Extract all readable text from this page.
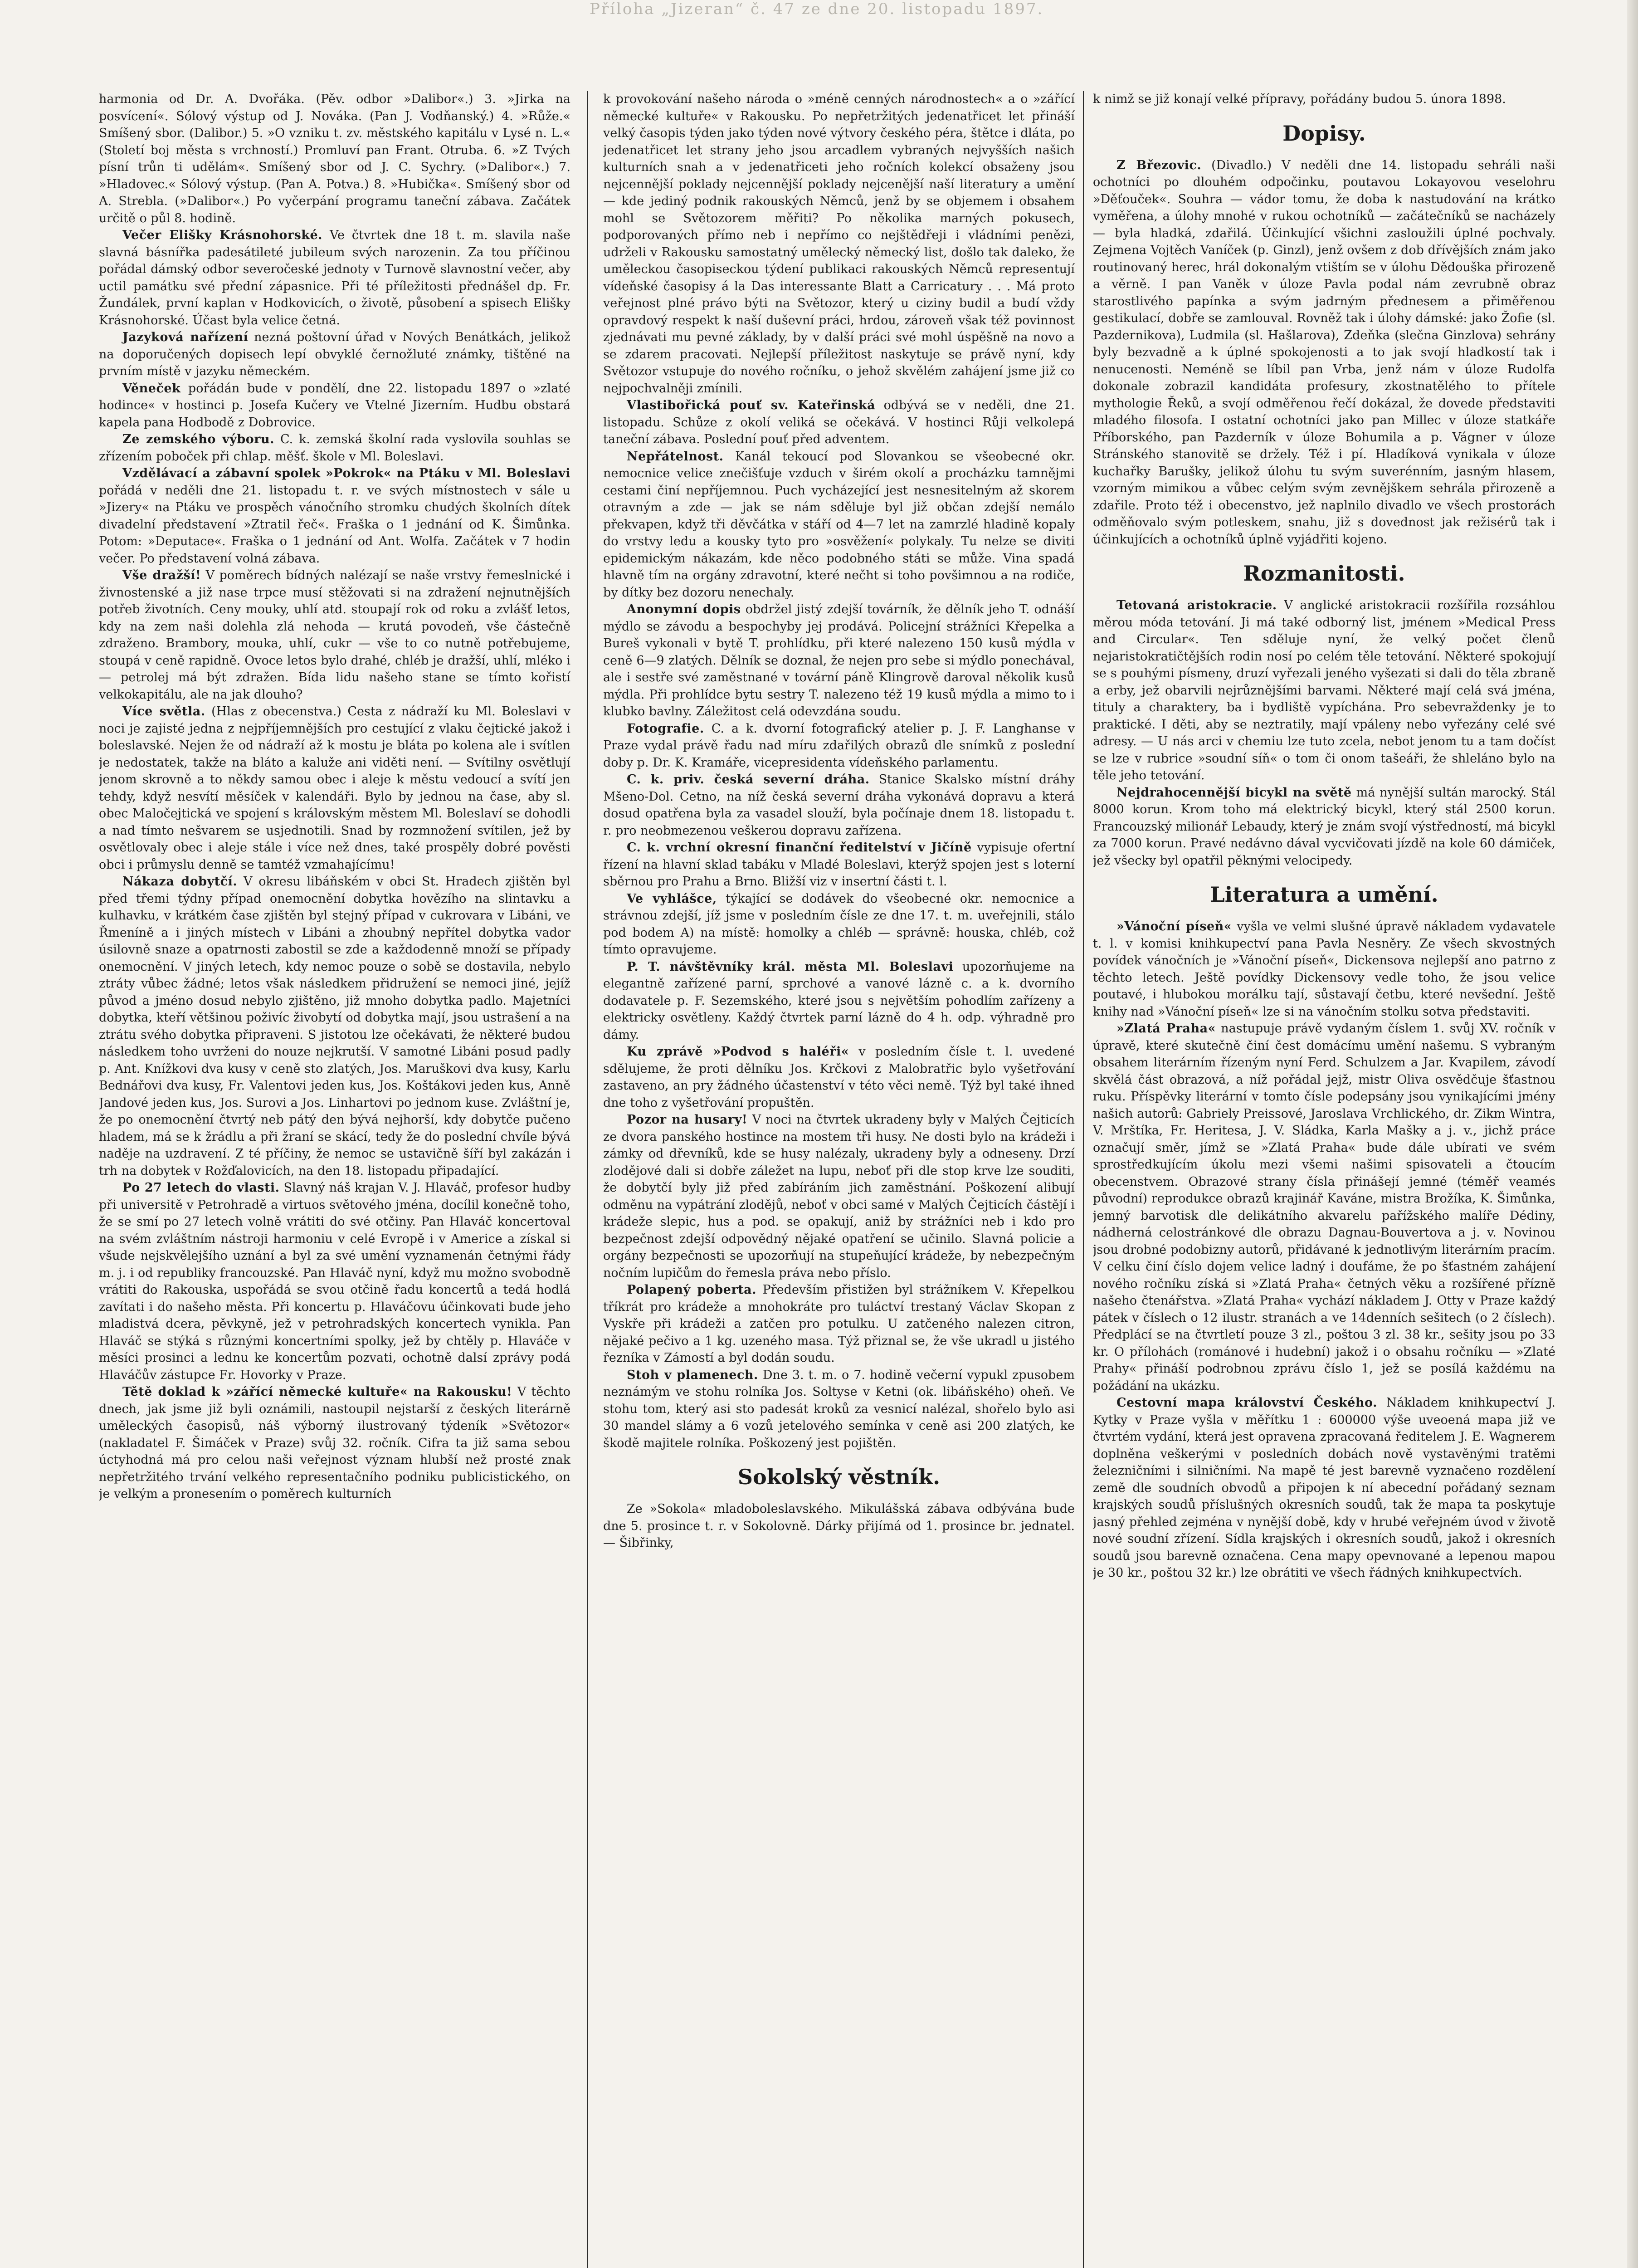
Příloha „Jizeran“ č. 47 ze dne 20. listopadu 1897.

harmonia od Dr. A. Dvořáka. (Pěv. odbor »Dalibor«.) 3. »Jirka na posvícení«. Sólový výstup od J. Nováka. (Pan J. Vodňanský.) 4. »Růže.« Smíšený sbor. (Dalibor.) 5. »O vzniku t. zv. městského kapitálu v Lysé n. L.« (Století boj města s vrchností.) Promluví pan Frant. Otruba. 6. »Z Tvých písní trůn ti udělám«. Smíšený sbor od J. C. Sychry. (»Dalibor«.) 7. »Hladovec.« Sólový výstup. (Pan A. Potva.) 8. »Hubička«. Smíšený sbor od A. Strebla. (»Dalibor«.) Po vyčerpání programu taneční zábava. Začátek určitě o půl 8. hodině.

Večer Elišky Krásnohorské. Ve čtvrtek dne 18 t. m. slavila naše slavná básnířka padesátileté jubileum svých narozenin. Za tou příčinou pořádal dámský odbor severočeské jednoty v Turnově slavnostní večer, aby uctil památku své přední zápasnice. Při té příležitosti přednášel dp. Fr. Žundálek, první kaplan v Hodkovicích, o životě, působení a spisech Elišky Krásnohorské. Účast byla velice četná.

Jazyková nařízení nezná poštovní úřad v Nových Benátkách, jelikož na doporučených dopisech lepí obvyklé černožluté známky, tištěné na prvním místě v jazyku německém.

Věneček pořádán bude v pondělí, dne 22. listopadu 1897 o »zlaté hodince« v hostinci p. Josefa Kučery ve Vtelné Jizerním. Hudbu obstará kapela pana Hodbodě z Dobrovice.

Ze zemského výboru. C. k. zemská školní rada vyslovila souhlas se zřízením poboček při chlap. měšť. škole v Ml. Boleslavi.

Vzdělávací a zábavní spolek »Pokrok« na Ptáku v Ml. Boleslavi pořádá v neděli dne 21. listopadu t. r. ve svých místnostech v sále u »Jizery« na Ptáku ve prospěch vánočního stromku chudých školních dítek divadelní představení »Ztratil řeč«. Fraška o 1 jednání od K. Šimůnka. Potom: »Deputace«. Fraška o 1 jednání od Ant. Wolfa. Začátek v 7 hodin večer. Po představení volná zábava.

Vše dražší! V poměrech bídných nalézají se naše vrstvy řemeslnické i živnostenské a již nase trpce musí stěžovati si na zdražení nejnutnějších potřeb životních. Ceny mouky, uhlí atd. stoupají rok od roku a zvlášť letos, kdy na zem naši dolehla zlá nehoda — krutá povodeň, vše částečně zdraženo. Brambory, mouka, uhlí, cukr — vše to co nutně potřebujeme, stoupá v ceně rapidně. Ovoce letos bylo drahé, chléb je dražší, uhlí, mléko i — petrolej má být zdražen. Bída lidu našeho stane se tímto kořistí velkokapitálu, ale na jak dlouho?

Více světla. (Hlas z obecenstva.) Cesta z nádraží ku Ml. Boleslavi v noci je zajisté jedna z nejpříjemnějších pro cestující z vlaku čejtické jakož i boleslavské. Nejen že od nádraží až k mostu je bláta po kolena ale i svítlen je nedostatek, takže na bláto a kaluže ani viděti není. — Svítilny osvětlují jenom skrovně a to někdy samou obec i aleje k městu vedoucí a svítí jen tehdy, když nesvítí měsíček v kalendáři. Bylo by jednou na čase, aby sl. obec Maločejtická ve spojení s královským městem Ml. Boleslaví se dohodli a nad tímto nešvarem se usjednotili. Snad by rozmnožení svítilen, jež by osvětlovaly obec i aleje stále i více než dnes, také prospěly dobré pověsti obci i průmyslu denně se tamtéž vzmahajícímu!

Nákaza dobytčí. V okresu libáňském v obci St. Hradech zjištěn byl před třemi týdny případ onemocnění dobytka hovězího na slintavku a kulhavku, v krátkém čase zjištěn byl stejný případ v cukrovara v Libáni, ve Řmeníně a i jiných místech v Libáni a zhoubný nepřítel dobytka vador úsilovně snaze a opatrnosti zabostil se zde a každodenně množí se případy onemocnění. V jiných letech, kdy nemoc pouze o sobě se dostavila, nebylo ztráty vůbec žádné; letos však následkem přidružení se nemoci jiné, jejíž původ a jméno dosud nebylo zjištěno, již mnoho dobytka padlo. Majetníci dobytka, kteří většinou poživíc živobytí od dobytka mají, jsou ustrašení a na ztrátu svého dobytka připraveni. S jistotou lze očekávati, že některé budou následkem toho uvrženi do nouze nejkrutší. V samotné Libáni posud padly p. Ant. Knížkovi dva kusy v ceně sto zlatých, Jos. Maruškovi dva kusy, Karlu Bednářovi dva kusy, Fr. Valentovi jeden kus, Jos. Koštákovi jeden kus, Anně Jandové jeden kus, Jos. Surovi a Jos. Linhartovi po jednom kuse. Zvláštní je, že po onemocnění čtvrtý neb pátý den bývá nejhorší, kdy dobytče pučeno hladem, má se k žrádlu a při žraní se skácí, tedy že do poslední chvíle bývá naděje na uzdravení. Z té příčiny, že nemoc se ustavičně šíří byl zakázán i trh na dobytek v Rožďalovicích, na den 18. listopadu připadající.

Po 27 letech do vlasti. Slavný náš krajan V. J. Hlaváč, profesor hudby při universitě v Petrohradě a virtuos světového jména, docílil konečně toho, že se smí po 27 letech volně vrátiti do své otčiny. Pan Hlaváč koncertoval na svém zvláštním nástroji harmoniu v celé Evropě i v Americe a získal si všude nejskvělejšího uznání a byl za své umění vyznamenán četnými řády m. j. i od republiky francouzské. Pan Hlaváč nyní, když mu možno svobodně vrátiti do Rakouska, uspořádá se svou otčině řadu koncertů a tedá hodlá zavítati i do našeho města. Při koncertu p. Hlaváčovu účinkovati bude jeho mladistvá dcera, pěvkyně, jež v petrohradských koncertech vynikla. Pan Hlaváč se stýká s různými koncertními spolky, jež by chtěly p. Hlaváče v měsíci prosinci a lednu ke koncertům pozvati, ochotně dalsí zprávy podá Hlaváčův zástupce Fr. Hovorky v Praze.

Tětě doklad k »zářící německé kultuře« na Rakousku! V těchto dnech, jak jsme již byli oznámili, nastoupil nejstarší z českých literárně uměleckých časopisů, náš výborný ilustrovaný týdeník »Světozor« (nakladatel F. Šimáček v Praze) svůj 32. ročník. Cifra ta již sama sebou úctyhodná má pro celou naši veřejnost význam hlubší než prosté znak nepřetržitého trvání velkého representačního podniku publicistického, on je velkým a pronesením o poměrech kulturních

k provokování našeho národa o »méně cenných národnostech« a o »zářící německé kultuře« v Rakousku. Po nepřetržitých jedenatřicet let přináší velký časopis týden jako týden nové výtvory českého péra, štětce i dláta, po jedenatřicet let strany jeho jsou arcadlem vybraných nejvyšších našich kulturních snah a v jedenatřiceti jeho ročních kolekcí obsaženy jsou nejcennější poklady nejcennější poklady nejcenější naší literatury a umění — kde jediný podnik rakouských Němců, jenž by se objemem i obsahem mohl se Světozorem měřiti? Po několika marných pokusech, podporovaných přímo neb i nepřímo co nejštědřeji i vládními penězi, udrželi v Rakousku samostatný umělecký německý list, došlo tak daleko, že uměleckou časopiseckou týdení publikaci rakouských Němců representují vídeňské časopisy á la Das interessante Blatt a Carricatury . . . Má proto veřejnost plné právo býti na Světozor, který u ciziny budil a budí vždy opravdový respekt k naší duševní práci, hrdou, zároveň však též povinnost zjednávati mu pevné základy, by v další práci své mohl úspěšně na novo a se zdarem pracovati. Nejlepší příležitost naskytuje se právě nyní, kdy Světozor vstupuje do nového ročníku, o jehož skvělém zahájení jsme již co nejpochvalněji zmínili.

Vlastibořická pouť sv. Kateřinská odbývá se v neděli, dne 21. listopadu. Schůze z okolí veliká se očekává. V hostinci Růji velkolepá taneční zábava. Poslední pouť před adventem.

Nepřátelnost. Kanál tekoucí pod Slovankou se všeobecné okr. nemocnice velice znečišťuje vzduch v širém okolí a procházku tamnějmi cestami činí nepříjemnou. Puch vycházející jest nesnesitelným až skorem otravným a zde — jak se nám sděluje byl již občan zdejší nemálo překvapen, když tři děvčátka v stáří od 4—7 let na zamrzlé hladině kopaly do vrstvy ledu a kousky tyto pro »osvěžení« polykaly. Tu nelze se diviti epidemickým nákazám, kde něco podobného státi se může. Vina spadá hlavně tím na orgány zdravotní, které nečht si toho povšimnou a na rodiče, by dítky bez dozoru nenechaly.

Anonymní dopis obdržel jistý zdejší továrník, že dělník jeho T. odnáší mýdlo se závodu a bespochyby jej prodává. Policejní strážníci Křepelka a Bureš vykonali v bytě T. prohlídku, při které nalezeno 150 kusů mýdla v ceně 6—9 zlatých. Dělník se doznal, že nejen pro sebe si mýdlo ponechával, ale i sestře své zaměstnané v tovární páně Klingrově daroval několik kusů mýdla. Při prohlídce bytu sestry T. nalezeno též 19 kusů mýdla a mimo to i klubko bavlny. Záležitost celá odevzdána soudu.

Fotografie. C. a k. dvorní fotografický atelier p. J. F. Langhanse v Praze vydal právě řadu nad míru zdařilých obrazů dle snímků z poslední doby p. Dr. K. Kramáře, vicepresidenta vídeňského parlamentu.

C. k. priv. česká severní dráha. Stanice Skalsko místní dráhy Mšeno-Dol. Cetno, na níž česká severní dráha vykonává dopravu a která dosud opatřena byla za vasadel slouží, byla počínaje dnem 18. listopadu t. r. pro neobmezenou veškerou dopravu zařízena.

C. k. vrchní okresní finanční ředitelství v Jičíně vypisuje ofertní řízení na hlavní sklad tabáku v Mladé Boleslavi, kterýž spojen jest s loterní sběrnou pro Prahu a Brno. Bližší viz v insertní části t. l.

Ve vyhlášce, týkající se dodávek do všeobecné okr. nemocnice a strávnou zdejší, jíž jsme v posledním čísle ze dne 17. t. m. uveřejnili, stálo pod bodem A) na místě: homolky a chléb — správně: houska, chléb, což tímto opravujeme.

P. T. návštěvníky král. města Ml. Boleslavi upozorňujeme na elegantně zařízené parní, sprchové a vanové lázně c. a k. dvorního dodavatele p. F. Sezemského, které jsou s největším pohodlím zařízeny a elektricky osvětleny. Každý čtvrtek parní lázně do 4 h. odp. výhradně pro dámy.

Ku zprávě »Podvod s haléři« v posledním čísle t. l. uvedené sdělujeme, že proti dělníku Jos. Krčkovi z Malobratřic bylo vyšetřování zastaveno, an pry žádného účastenství v této věci nemě. Týž byl také ihned dne toho z vyšetřování propuštěn.

Pozor na husary! V noci na čtvrtek ukradeny byly v Malých Čejticích ze dvora panského hostince na mostem tři husy. Ne dosti bylo na krádeži i zámky od dřevníků, kde se husy nalézaly, ukradeny byly a odneseny. Drzí zlodějové dali si dobře záležet na lupu, neboť při dle stop krve lze souditi, že dobytčí byly již před zabíráním jich zaměstnání. Poškození alibují odměnu na vypátrání zlodějů, neboť v obci samé v Malých Čejticích částějí i krádeže slepic, hus a pod. se opakují, aniž by strážníci neb i kdo pro bezpečnost zdejší odpovědný nějaké opatření se učinilo. Slavná policie a orgány bezpečnosti se upozorňují na stupeňující krádeže, by nebezpečným nočním lupičům do řemesla práva nebo příslo.

Polapený poberta. Především přistižen byl strážníkem V. Křepelkou tříkrát pro krádeže a mnohokráte pro tuláctví trestaný Václav Skopan z Vyskře při krádeži a zatčen pro potulku. U zatčeného nalezen citron, nějaké pečivo a 1 kg. uzeného masa. Týž přiznal se, že vše ukradl u jistého řezníka v Zámostí a byl dodán soudu.

Stoh v plamenech. Dne 3. t. m. o 7. hodině večerní vypukl zpusobem neznámým ve stohu rolníka Jos. Soltyse v Ketni (ok. libáňského) oheň. Ve stohu tom, který asi sto padesát kroků za vesnicí nalézal, shořelo bylo asi 30 mandel slámy a 6 vozů jetelového semínka v ceně asi 200 zlatých, ke škodě majitele rolníka. Poškozený jest pojištěn.

Sokolský věstník.

Ze »Sokola« mladoboleslavského. Mikulášská zábava odbývána bude dne 5. prosince t. r. v Sokolovně. Dárky přijímá od 1. prosince br. jednatel. — Šibřinky,

k nimž se již konají velké přípravy, pořádány budou 5. února 1898.

Dopisy.

Z Březovic. (Divadlo.) V neděli dne 14. listopadu sehráli naši ochotníci po dlouhém odpočinku, poutavou Lokayovou veselohru »Děťouček«. Souhra — vádor tomu, že doba k nastudování na krátko vyměřena, a úlohy mnohé v rukou ochotníků — začátečníků se nacházely — byla hladká, zdařilá. Účinkující všichni zasloužili úplné pochvaly. Zejmena Vojtěch Vaníček (p. Ginzl), jenž ovšem z dob dřívějších znám jako routinovaný herec, hrál dokonalým vtištím se v úlohu Dědouška přirozeně a věrně. I pan Vaněk v úloze Pavla podal nám zevrubně obraz starostlivého papínka a svým jadrným přednesem a přiměřenou gestikulací, dobře se zamlouval. Rovněž tak i úlohy dámské: jako Žofie (sl. Pazdernikova), Ludmila (sl. Hašlarova), Zdeňka (slečna Ginzlova) sehrány byly bezvadně a k úplné spokojenosti a to jak svojí hladkostí tak i nenucenosti. Neméně se líbil pan Vrba, jenž nám v úloze Rudolfa dokonale zobrazil kandidáta profesury, zkostnatělého to přítele mythologie Řeků, a svojí odměřenou řečí dokázal, že dovede představiti mladého filosofa. I ostatní ochotníci jako pan Millec v úloze statkáře Příborského, pan Pazderník v úloze Bohumila a p. Vágner v úloze Stránského stanovitě se držely. Též i pí. Hladíková vynikala v úloze kuchařky Barušky, jelikož úlohu tu svým suverénním, jasným hlasem, vzorným mimikou a vůbec celým svým zevnějškem sehrála přirozeně a zdařile. Proto též i obecenstvo, jež naplnilo divadlo ve všech prostorách odměňovalo svým potleskem, snahu, již s dovednost jak režisérů tak i účinkujících a ochotníků úplně vyjádřiti kojeno.

Rozmanitosti.

Tetovaná aristokracie. V anglické aristokracii rozšířila rozsáhlou měrou móda tetování. Ji má také odborný list, jménem »Medical Press and Circular«. Ten sděluje nyní, že velký počet členů nejaristokratičtějších rodin nosí po celém těle tetování. Některé spokojují se s pouhými písmeny, druzí vyřezali jeného vyšezati si dali do těla zbraně a erby, jež obarvili nejrůznějšími barvami. Některé mají celá svá jména, tituly a charaktery, ba i bydliště vypíchána. Pro sebevraždenky je to praktické. I děti, aby se neztratily, mají vpáleny nebo vyřezány celé své adresy. — U nás arci v chemiu lze tuto zcela, nebot jenom tu a tam dočíst se lze v rubrice »soudní síň« o tom či onom tašeáři, že shleláno bylo na těle jeho tetování.

Nejdrahocennější bicykl na světě má nynější sultán marocký. Stál 8000 korun. Krom toho má elektrický bicykl, který stál 2500 korun. Francouzský milionář Lebaudy, který je znám svojí výstředností, má bicykl za 7000 korun. Pravé nedávno dával vycvičovati jízdě na kole 60 dámiček, jež všecky byl opatřil pěknými velocipedy.

Literatura a umění.

»Vánoční píseň« vyšla ve velmi slušné úpravě nákladem vydavatele t. l. v komisi knihkupectví pana Pavla Nesněry. Ze všech skvostných povídek vánočních je »Vánoční píseň«, Dickensova nejlepší ano patrno z těchto letech. Ještě povídky Dickensovy vedle toho, že jsou velice poutavé, i hlubokou morálku tají, sůstavají četbu, které nevšední. Ještě knihy nad »Vánoční píseň« lze si na vánočním stolku sotva představiti.

»Zlatá Praha« nastupuje právě vydaným číslem 1. svůj XV. ročník v úpravě, které skutečně činí čest domácímu umění našemu. S vybraným obsahem literárním řízeným nyní Ferd. Schulzem a Jar. Kvapilem, závodí skvělá část obrazová, a níž pořádal jejž, mistr Oliva osvědčuje šťastnou ruku. Příspěvky literární v tomto čísle podepsány jsou vynikajícími jmény našich autorů: Gabriely Preissové, Jaroslava Vrchlického, dr. Zikm Wintra, V. Mrštíka, Fr. Heritesa, J. V. Sládka, Karla Mašky a j. v., jichž práce označují směr, jímž se »Zlatá Praha« bude dále ubírati ve svém sprostředkujícím úkolu mezi všemi našimi spisovateli a čtoucím obecenstvem. Obrazové strany čísla přinášejí jemné (téměř veamés původní) reprodukce obrazů krajinář Kaváne, mistra Brožíka, K. Šimůnka, jemný barvotisk dle delikátního akvarelu pařížského malíře Dédiny, nádherná celostránkové dle obrazu Dagnau-Bouvertova a j. v. Novinou jsou drobné podobizny autorů, přidávané k jednotlivým literárním pracím. V celku činí číslo dojem velice ladný i doufáme, že po šťastném zahájení nového ročníku získá si »Zlatá Praha« četných věku a rozšířené přízně našeho čtenářstva. »Zlatá Praha« vychází nákladem J. Otty v Praze každý pátek v číslech o 12 ilustr. stranách a ve 14denních sešitech (o 2 číslech). Předplácí se na čtvrtletí pouze 3 zl., poštou 3 zl. 38 kr., sešity jsou po 33 kr. O přílohách (románové i hudební) jakož i o obsahu ročníku — »Zlaté Prahy« přináší podrobnou zprávu číslo 1, jež se posílá každému na požádání na ukázku.

Cestovní mapa království Českého. Nákladem knihkupectví J. Kytky v Praze vyšla v měřítku 1 : 600000 výše uveoená mapa již ve čtvrtém vydání, která jest opravena zpracovaná ředitelem J. E. Wagnerem doplněna veškerými v posledních dobách nově vystavěnými tratěmi železničními i silničními. Na mapě té jest barevně vyznačeno rozdělení země dle soudních obvodů a připojen k ní abecední pořádaný seznam krajských soudů příslušných okresních soudů, tak že mapa ta poskytuje jasný přehled zejména v nynější době, kdy v hrubé veřejném úvod v životě nové soudní zřízení. Sídla krajských i okresních soudů, jakož i okresních soudů jsou barevně označena. Cena mapy opevnované a lepenou mapou je 30 kr., poštou 32 kr.) lze obrátiti ve všech řádných knihkupectvích.
